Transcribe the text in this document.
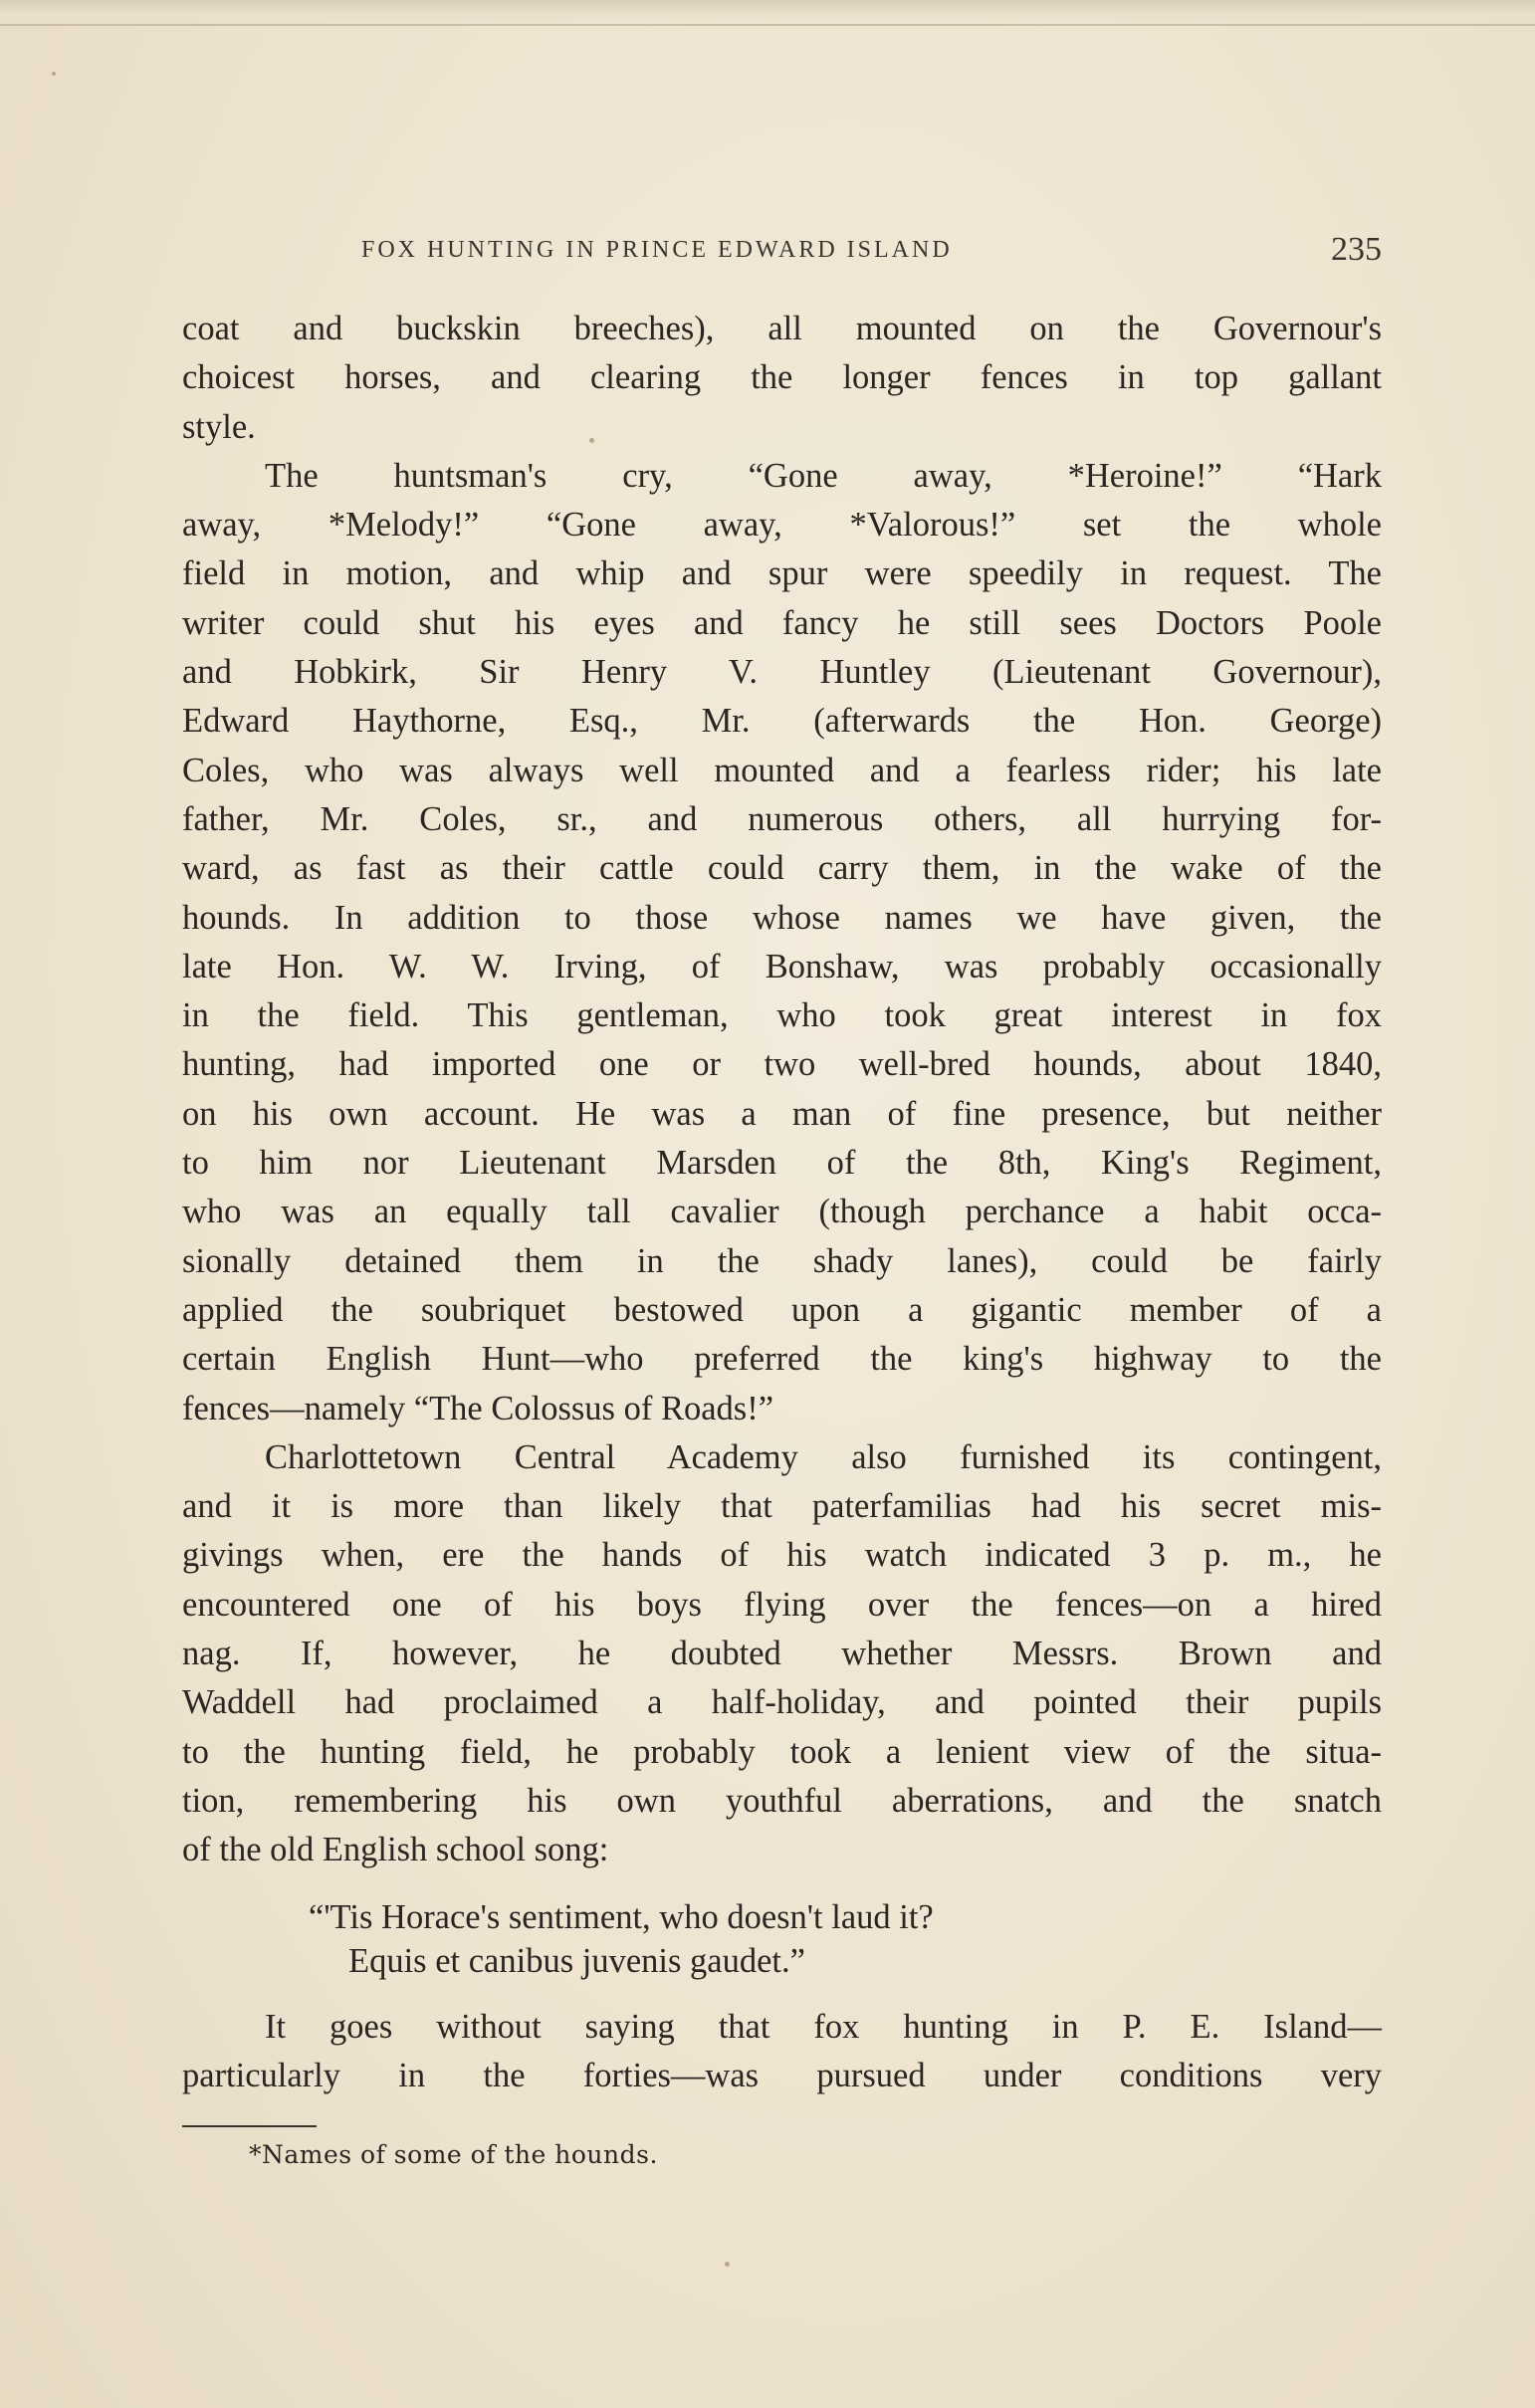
FOX HUNTING IN PRINCE EDWARD ISLAND	235

coat and buckskin breeches), all mounted on the Governour's

choicest horses, and clearing the longer fences in top gallant

style.

The huntsman's cry, “Gone away, *Heroine!” “Hark

away, *Melody!” “Gone away, *Valorous!” set the whole

field in motion, and whip and spur were speedily in request. The

writer could shut his eyes and fancy he still sees Doctors Poole

and Hobkirk, Sir Henry V. Huntley (Lieutenant Governour),

Edward Haythorne, Esq., Mr. (afterwards the Hon. George)

Coles, who was always well mounted and a fearless rider; his late

father, Mr. Coles, sr., and numerous others, all hurrying for-

ward, as fast as their cattle could carry them, in the wake of the

hounds. In addition to those whose names we have given, the

late Hon. W. W. Irving, of Bonshaw, was probably occasionally

in the field. This gentleman, who took great interest in fox

hunting, had imported one or two well-bred hounds, about 1840,

on his own account. He was a man of fine presence, but neither

to him nor Lieutenant Marsden of the 8th, King's Regiment,

who was an equally tall cavalier (though perchance a habit occa-

sionally detained them in the shady lanes), could be fairly

applied the soubriquet bestowed upon a gigantic member of a

certain English Hunt—who preferred the king's highway to the

fences—namely “The Colossus of Roads!”

Charlottetown Central Academy also furnished its contingent,

and it is more than likely that paterfamilias had his secret mis-

givings when, ere the hands of his watch indicated 3 p. m., he

encountered one of his boys flying over the fences—on a hired

nag. If, however, he doubted whether Messrs. Brown and

Waddell had proclaimed a half-holiday, and pointed their pupils

to the hunting field, he probably took a lenient view of the situa-

tion, remembering his own youthful aberrations, and the snatch

of the old English school song:

“'Tis Horace's sentiment, who doesn't laud it?
Equis et canibus juvenis gaudet.”

It goes without saying that fox hunting in P. E. Island—

particularly in the forties—was pursued under conditions very

*Names of some of the hounds.
